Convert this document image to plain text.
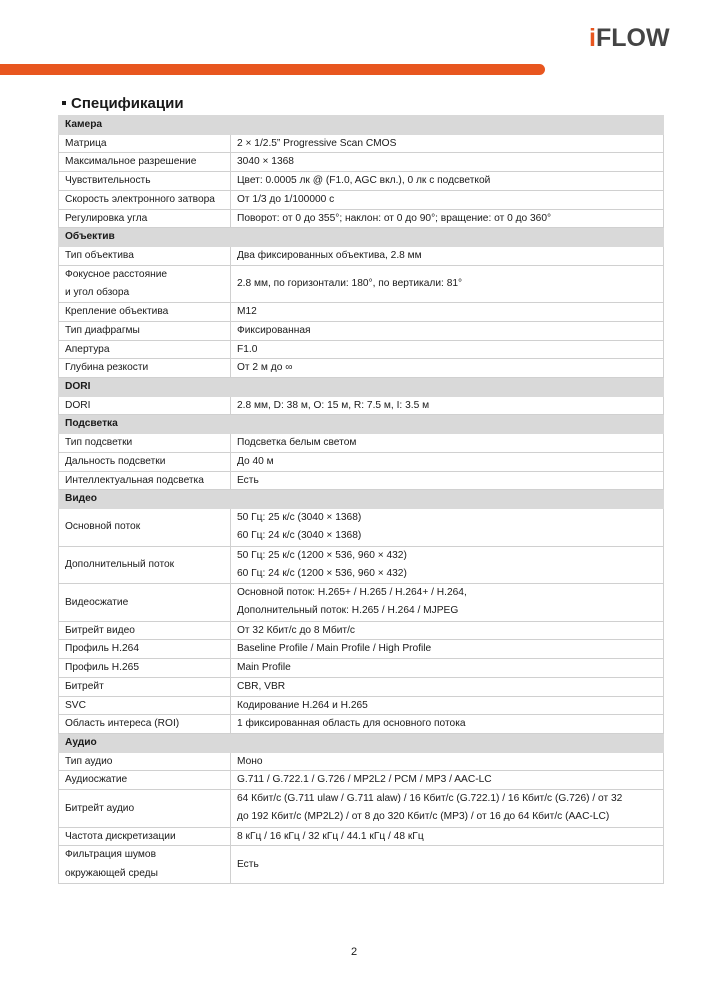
iFLOW
Спецификации
Камера	
Матрица	2 × 1/2.5” Progressive Scan CMOS
Максимальное разрешение	3040 × 1368
Чувствительность	Цвет: 0.0005 лк @ (F1.0, AGC вкл.), 0 лк с подсветкой
Скорость электронного затвора	От 1/3 до 1/100000 с
Регулировка угла	Поворот: от 0 до 355°; наклон: от 0 до 90°; вращение: от 0 до 360°
Объектив	
Тип объектива	Два фиксированных объектива, 2.8 мм

Фокусное расстояние
и угол обзора	2.8 мм, по горизонтали: 180°, по вертикали: 81°
Крепление объектива	M12
Тип диафрагмы	Фиксированная
Апертура	F1.0
Глубина резкости	От 2 м до ∞
DORI	
DORI	2.8 мм, D: 38 м, O: 15 м, R: 7.5 м, I: 3.5 м
Подсветка	
Тип подсветки	Подсветка белым светом
Дальность подсветки	До 40 м
Интеллектуальная подсветка	Есть
Видео	
Основной поток	50 Гц: 25 к/с (3040 × 1368)
60 Гц: 24 к/с (3040 × 1368)

Дополнительный поток	50 Гц: 25 к/с (1200 × 536, 960 × 432)
60 Гц: 24 к/с (1200 × 536, 960 × 432)

Видеосжатие	Основной поток: H.265+ / H.265 / H.264+ / H.264,
Дополнительный поток: H.265 / H.264 / MJPEG

Битрейт видео	От 32 Кбит/с до 8 Мбит/с
Профиль H.264	Baseline Profile / Main Profile / High Profile
Профиль H.265	Main Profile
Битрейт	CBR, VBR
SVC	Кодирование H.264 и H.265
Область интереса (ROI)	1 фиксированная область для основного потока
Аудио	
Тип аудио	Моно
Аудиосжатие	G.711 / G.722.1 / G.726 / MP2L2 / PCM / MP3 / AAC-LC
Битрейт аудио	64 Кбит/с (G.711 ulaw / G.711 alaw) / 16 Кбит/с (G.722.1) / 16 Кбит/с (G.726) / от 32
до 192 Кбит/с (MP2L2) / от 8 до 320 Кбит/с (MP3) / от 16 до 64 Кбит/с (AAC-LC)

Частота дискретизации	8 кГц / 16 кГц / 32 кГц / 44.1 кГц / 48 кГц

Фильтрация шумов
окружающей среды	Есть
2
